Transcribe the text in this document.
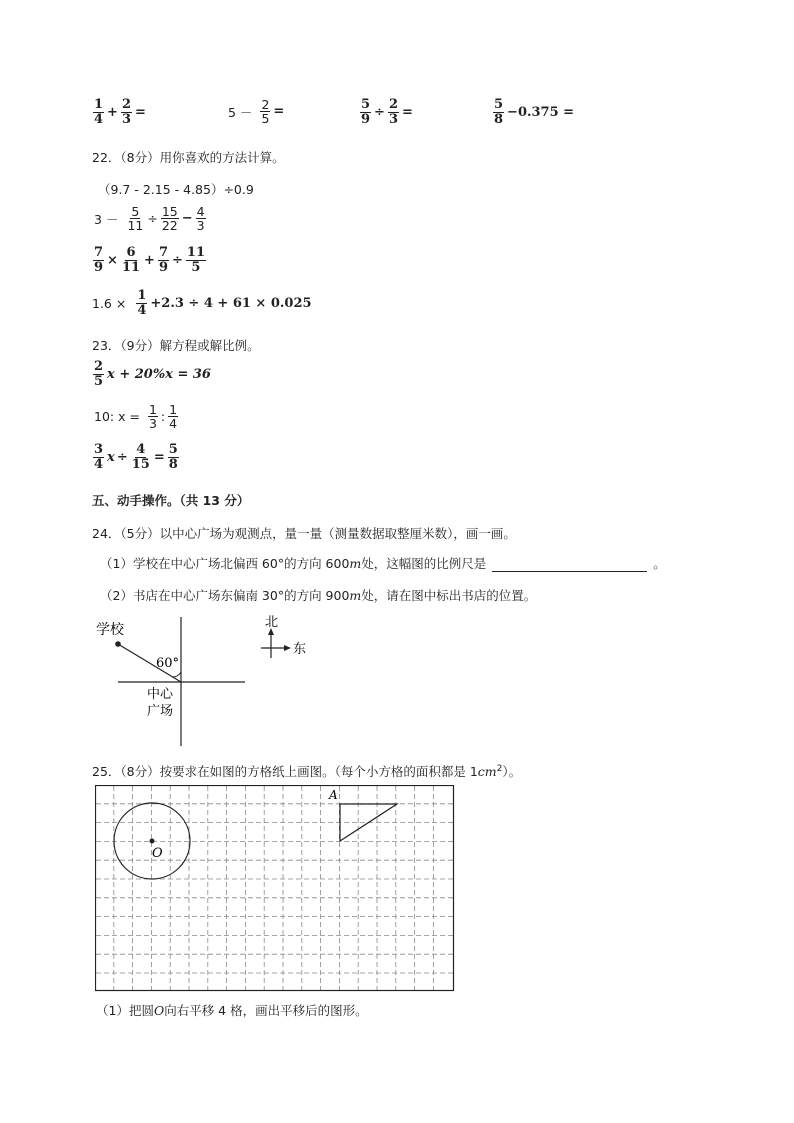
$\frac{1}{4} + \frac{2}{3}$ =	$5 - \frac{2}{5}$ =	$\frac{5}{9} \div \frac{2}{3}$ =	$\frac{5}{8} -0.375$ =
22．（8分）用你喜欢的方法计算。
（9.7 - 2.15 - 4.85）÷0.9
$3 - \frac{5}{11} \div \frac{15}{22} - \frac{4}{3}$
$\frac{7}{9} \times \frac{6}{11} + \frac{7}{9} \div \frac{11}{5}$
$1.6 \times \frac{1}{4} +2.3 \div 4 + 61 \times 0.025$
23．（9分）解方程或解比例。
$\frac{2}{5}$ x + 20%x = 36
10: $x = \frac{1}{3}$ : $\frac{1}{4}$
$\frac{3}{4}$ $x \div \frac{4}{15} = \frac{5}{8}$
五、动手操作。（共 13 分）
24．（5分）以中心广场为观测点，量一量（测量数据取整厘米数），画一画。
（1）学校在中心广场北偏西 60°的方向 600m处，这幅图的比例尺是	。
（2）书店在中心广场东偏南 30°的方向 900m处，请在图中标出书店的位置。
学校
60°
中心
广场
北
东
25．（8分）按要求在如图的方格纸上画图。（每个小方格的面积都是 $1cm^2$）。
O
A
（1）把圆O向右平移 4 格，画出平移后的图形。
